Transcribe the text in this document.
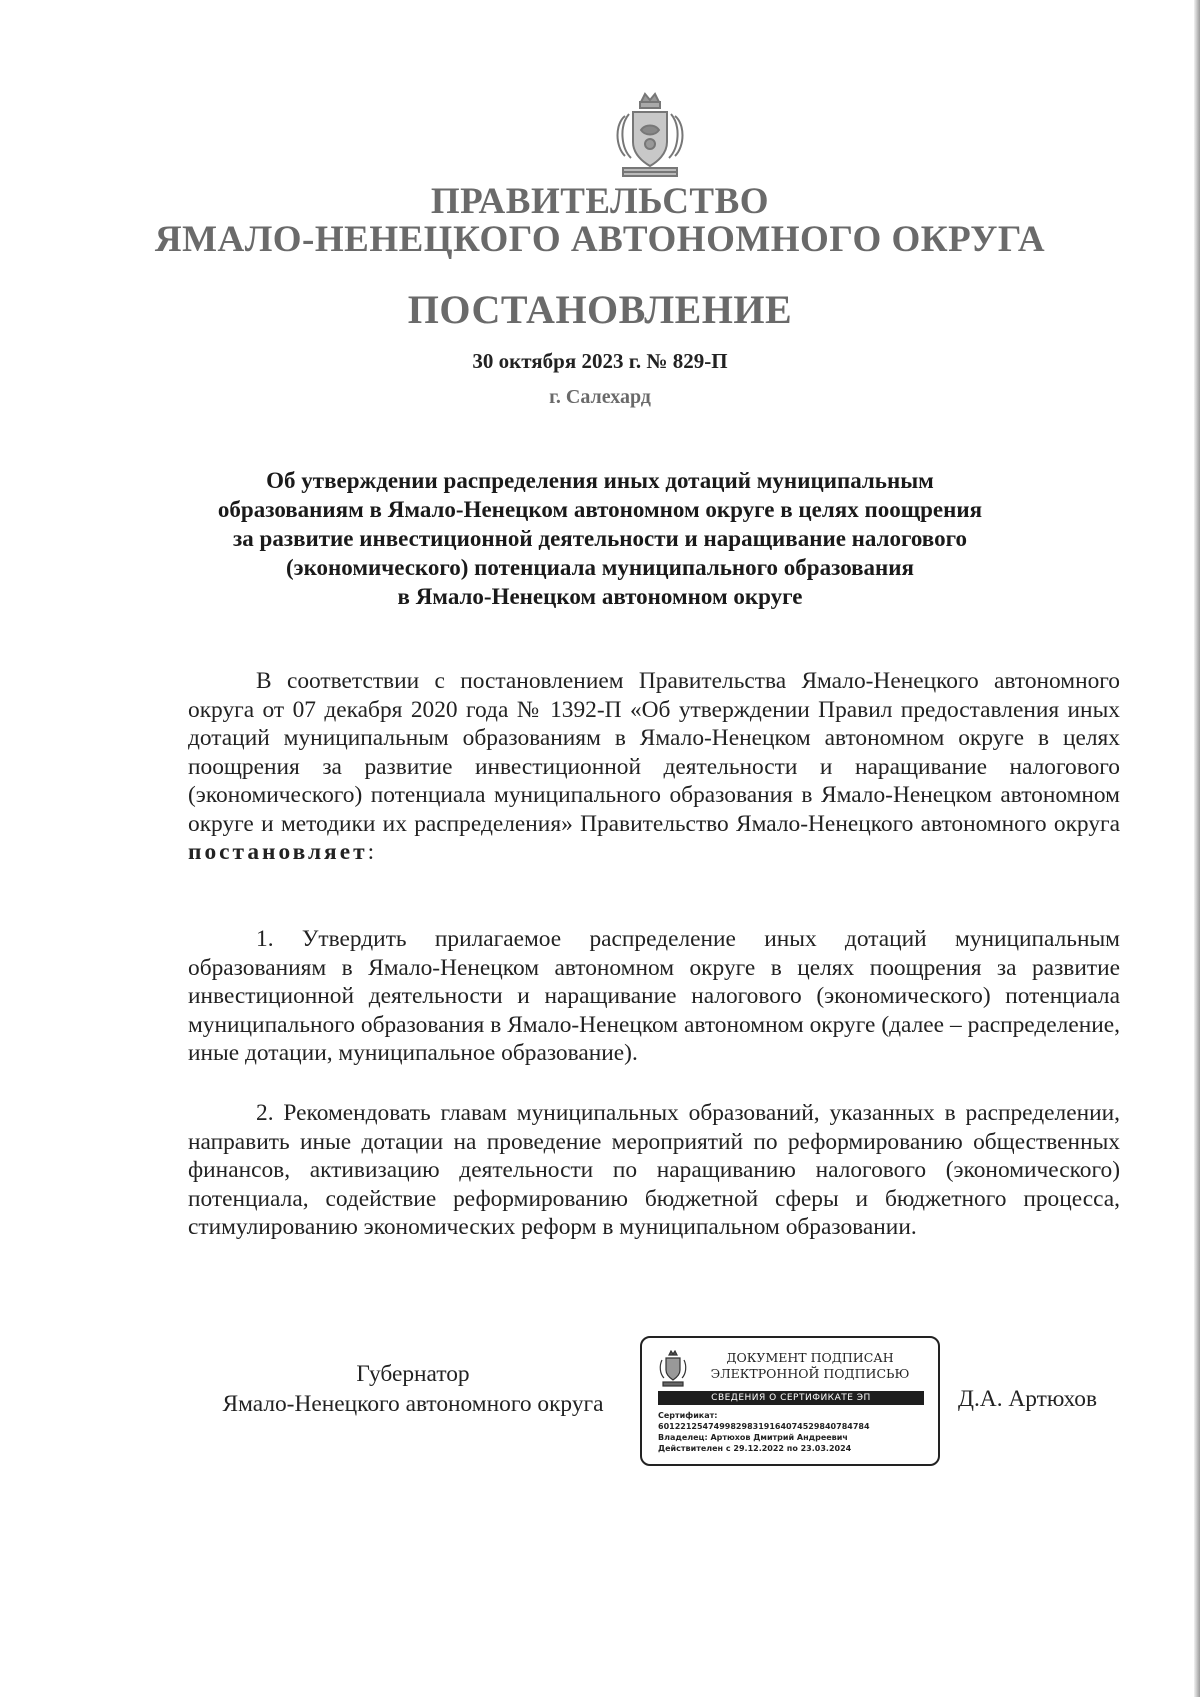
ПРАВИТЕЛЬСТВО
ЯМАЛО-НЕНЕЦКОГО АВТОНОМНОГО ОКРУГА
ПОСТАНОВЛЕНИЕ
30 октября 2023 г. № 829-П
г. Салехард
Об утверждении распределения иных дотаций муниципальным
образованиям в Ямало-Ненецком автономном округе в целях поощрения
за развитие инвестиционной деятельности и наращивание налогового
(экономического) потенциала муниципального образования
в Ямало-Ненецком автономном округе

В соответствии с постановлением Правительства Ямало-Ненецкого автономного округа от 07 декабря 2020 года № 1392-П «Об утверждении Правил предоставления иных дотаций муниципальным образованиям в Ямало-Ненецком автономном округе в целях поощрения за развитие инвестиционной деятельности и наращивание налогового (экономического) потенциала муниципального образования в Ямало-Ненецком автономном округе и методики их распределения» Правительство Ямало-Ненецкого автономного округа постановляет:

1. Утвердить прилагаемое распределение иных дотаций муниципальным образованиям в Ямало-Ненецком автономном округе в целях поощрения за развитие инвестиционной деятельности и наращивание налогового (экономического) потенциала муниципального образования в Ямало-Ненецком автономном округе (далее – распределение, иные дотации, муниципальное образование).

2. Рекомендовать главам муниципальных образований, указанных в распределении, направить иные дотации на проведение мероприятий по реформированию общественных финансов, активизацию деятельности по наращиванию налогового (экономического) потенциала, содействие реформированию бюджетной сферы и бюджетного процесса, стимулированию экономических реформ в муниципальном образовании.

Губернатор
Ямало-Ненецкого автономного округа
ДОКУМЕНТ ПОДПИСАН
ЭЛЕКТРОННОЙ ПОДПИСЬЮ
СВЕДЕНИЯ О СЕРТИФИКАТЕ ЭП
Сертификат:
60122125474998298319164074529840784784
Владелец: Артюхов Дмитрий Андреевич
Действителен с 29.12.2022 по 23.03.2024
Д.А. Артюхов
